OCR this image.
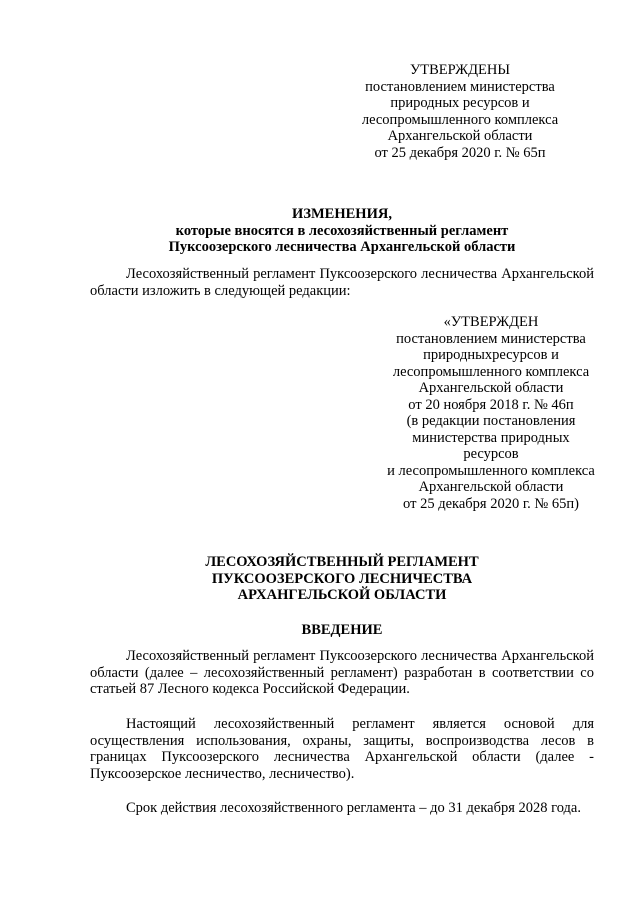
УТВЕРЖДЕНЫ
постановлением министерства
природных ресурсов и
лесопромышленного комплекса
Архангельской области
от 25 декабря 2020 г. № 65п
ИЗМЕНЕНИЯ,
которые вносятся в лесохозяйственный регламент
Пуксоозерского лесничества Архангельской области
Лесохозяйственный регламент Пуксоозерского лесничества Архангельской области изложить в следующей редакции:
«УТВЕРЖДЕН
постановлением министерства
природныхресурсов и
лесопромышленного комплекса
Архангельской области
от 20 ноября 2018 г. № 46п
(в редакции постановления
министерства природных
ресурсов
и лесопромышленного комплекса
Архангельской области
от 25 декабря 2020 г. № 65п)
ЛЕСОХОЗЯЙСТВЕННЫЙ РЕГЛАМЕНТ
ПУКСООЗЕРСКОГО ЛЕСНИЧЕСТВА
АРХАНГЕЛЬСКОЙ ОБЛАСТИ
ВВЕДЕНИЕ
Лесохозяйственный регламент Пуксоозерского лесничества Архангельской области (далее – лесохозяйственный регламент) разработан в соответствии со статьей 87 Лесного кодекса Российской Федерации.
Настоящий лесохозяйственный регламент является основой для осуществления использования, охраны, защиты, воспроизводства лесов в границах Пуксоозерского лесничества Архангельской области (далее - Пуксоозерское лесничество, лесничество).
Срок действия лесохозяйственного регламента – до 31 декабря 2028 года.
